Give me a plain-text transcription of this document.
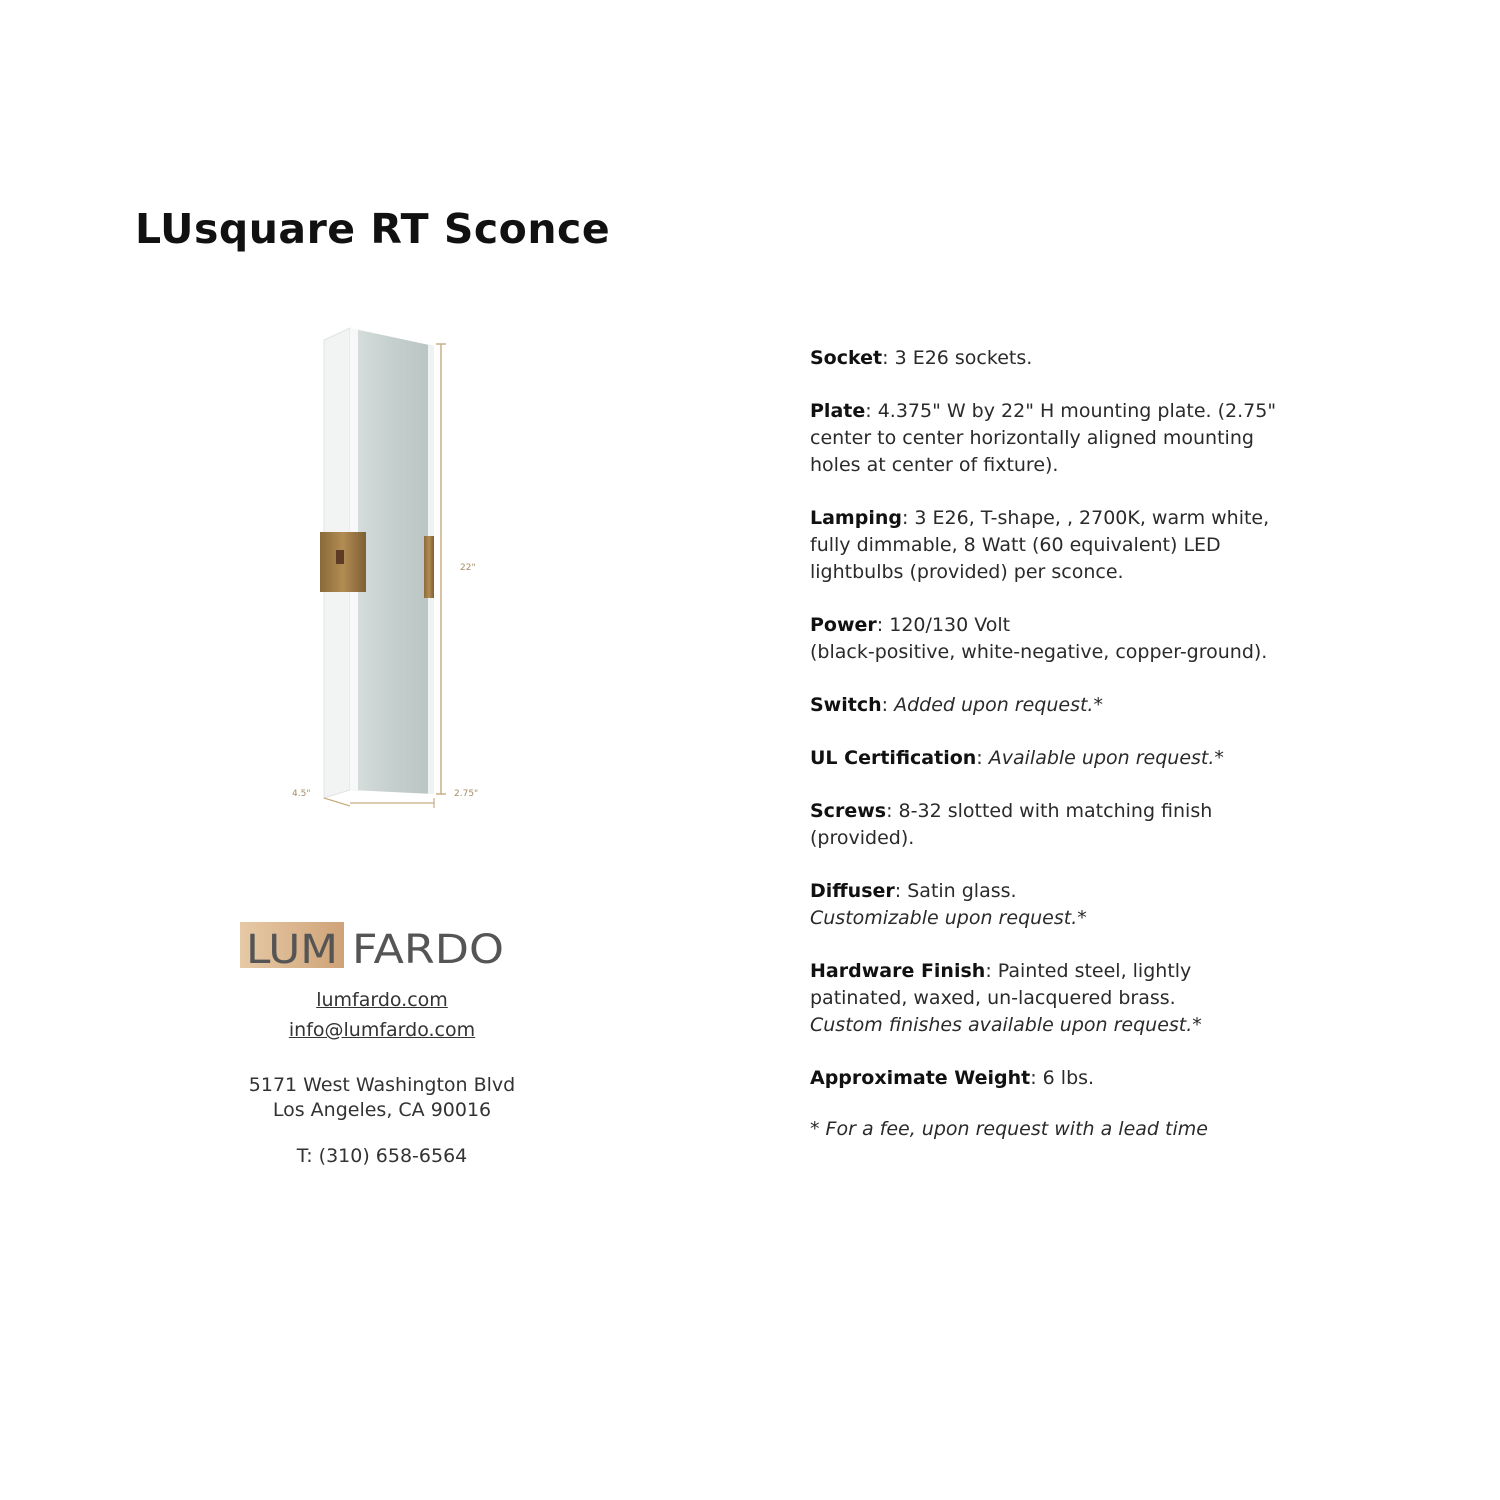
LUsquare RT Sconce
22"
4.5"	2.75"

Socket: 3 E26 sockets.

Plate: 4.375" W by 22" H mounting plate. (2.75" center to center horizontally aligned mounting holes at center of fixture).

Lamping: 3 E26, T-shape, , 2700K, warm white, fully dimmable, 8 Watt (60 equivalent) LED lightbulbs (provided) per sconce.

Power: 120/130 Volt
(black-positive, white-negative, copper-ground).

Switch: Added upon request.*

UL Certification: Available upon request.*

Screws: 8-32 slotted with matching finish (provided).

Diffuser: Satin glass.
Customizable upon request.*

Hardware Finish: Painted steel, lightly patinated, waxed, un-lacquered brass.
Custom finishes available upon request.*

Approximate Weight: 6 lbs.

* For a fee, upon request with a lead time
LUM FARDO
lumfardo.com
info@lumfardo.com
5171 West Washington Blvd
Los Angeles, CA 90016
T: (310) 658-6564
